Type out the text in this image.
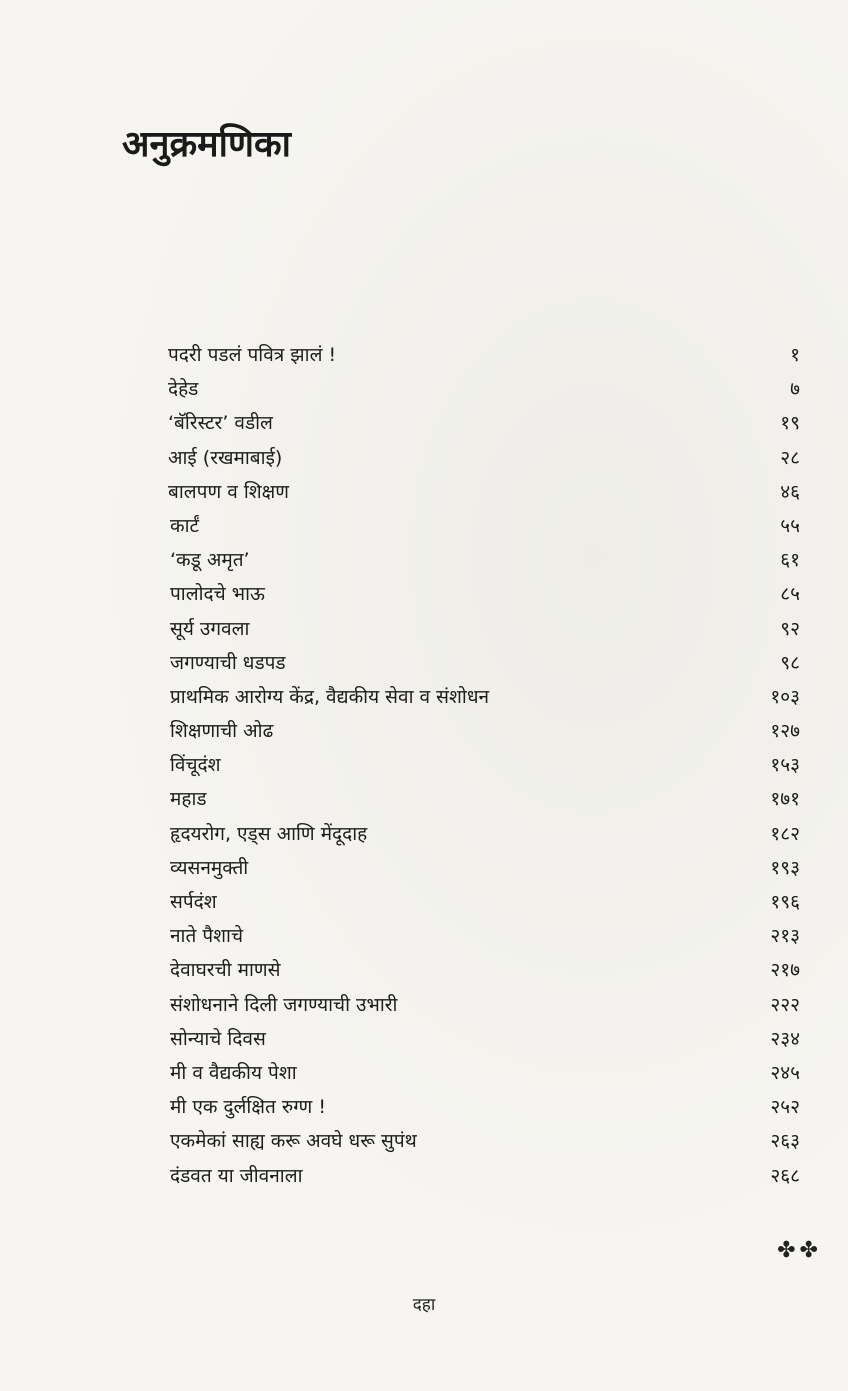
अनुक्रमणिका
पदरी पडलं पवित्र झालं !	१
देहेड	७
‘बॅरिस्टर’ वडील	१९
आई (रखमाबाई)	२८
बालपण व शिक्षण	४६
कार्टं	५५
‘कडू अमृत’	६१
पालोदचे भाऊ	८५
सूर्य उगवला	९२
जगण्याची धडपड	९८
प्राथमिक आरोग्य केंद्र, वैद्यकीय सेवा व संशोधन	१०३
शिक्षणाची ओढ	१२७
विंचूदंश	१५३
महाड	१७१
हृदयरोग, एड्स आणि मेंदूदाह	१८२
व्यसनमुक्ती	१९३
सर्पदंश	१९६
नाते पैशाचे	२१३
देवाघरची माणसे	२१७
संशोधनाने दिली जगण्याची उभारी	२२२
सोन्याचे दिवस	२३४
मी व वैद्यकीय पेशा	२४५
मी एक दुर्लक्षित रुग्ण !	२५२
एकमेकां साह्य करू अवघे धरू सुपंथ	२६३
दंडवत या जीवनाला	२६८
✤✤
दहा
